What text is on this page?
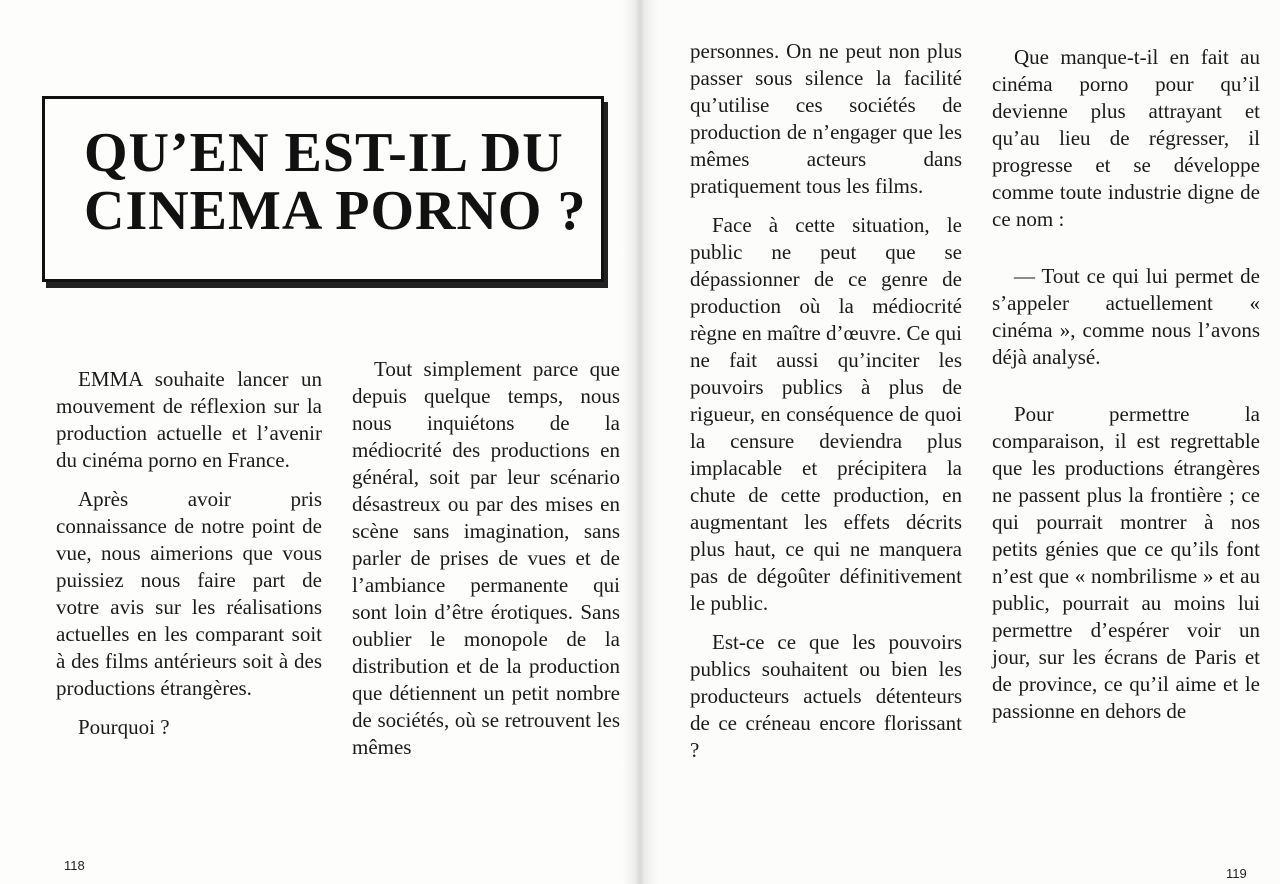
QU’EN EST-IL DU
CINEMA PORNO ?

EMMA souhaite lancer un mouvement de réflexion sur la production actuelle et l’avenir du cinéma porno en France.

Après avoir pris connaissance de notre point de vue, nous aimerions que vous puissiez nous faire part de votre avis sur les réalisations actuelles en les comparant soit à des films antérieurs soit à des productions étrangères.

Pourquoi ?

Tout simplement parce que depuis quelque temps, nous nous inquiétons de la médiocrité des productions en général, soit par leur scénario désastreux ou par des mises en scène sans imagination, sans parler de prises de vues et de l’ambiance permanente qui sont loin d’être érotiques. Sans oublier le monopole de la distribution et de la production que détiennent un petit nombre de sociétés, où se retrouvent les mêmes

118

personnes. On ne peut non plus passer sous silence la facilité qu’utilise ces sociétés de production de n’engager que les mêmes acteurs dans pratiquement tous les films.

Face à cette situation, le public ne peut que se dépassionner de ce genre de production où la médiocrité règne en maître d’œuvre. Ce qui ne fait aussi qu’inciter les pouvoirs publics à plus de rigueur, en conséquence de quoi la censure deviendra plus implacable et précipitera la chute de cette production, en augmentant les effets décrits plus haut, ce qui ne manquera pas de dégoûter définitivement le public.

Est-ce ce que les pouvoirs publics souhaitent ou bien les producteurs actuels détenteurs de ce créneau encore florissant ?

Que manque-t-il en fait au cinéma porno pour qu’il devienne plus attrayant et qu’au lieu de régresser, il progresse et se développe comme toute industrie digne de ce nom :

— Tout ce qui lui permet de s’appeler actuellement « cinéma », comme nous l’avons déjà analysé.

Pour permettre la comparaison, il est regrettable que les productions étrangères ne passent plus la frontière ; ce qui pourrait montrer à nos petits génies que ce qu’ils font n’est que « nombrilisme » et au public, pourrait au moins lui permettre d’espérer voir un jour, sur les écrans de Paris et de province, ce qu’il aime et le passionne en dehors de

119
